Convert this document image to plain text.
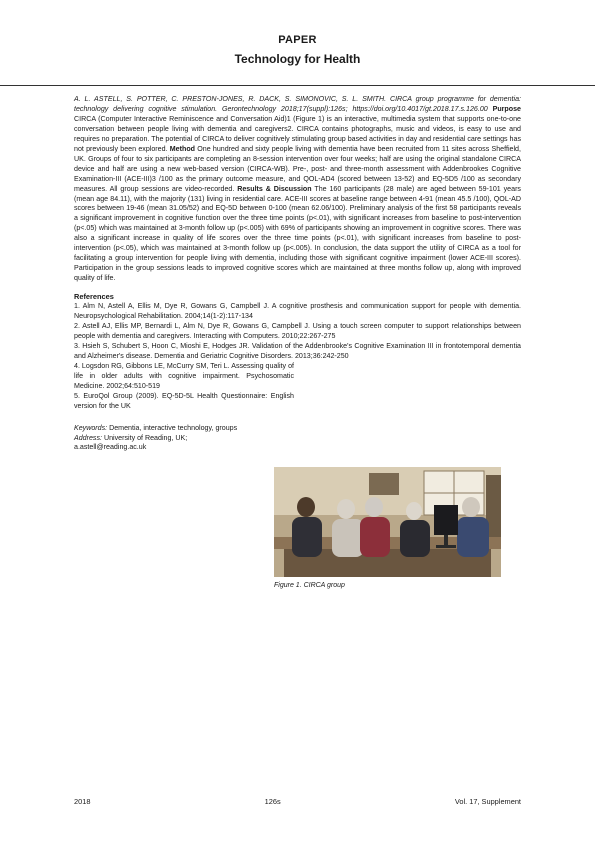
PAPER
Technology for Health

A. L. ASTELL, S. POTTER, C. PRESTON-JONES, R. DACK, S. SIMONOVIC, S. L. SMITH. CIRCA group programme for dementia: technology delivering cognitive stimulation. Gerontechnology 2018;17(suppl):126s; https://doi.org/10.4017/gt.2018.17.s.126.00 Purpose CIRCA (Computer Interactive Reminiscence and Conversation Aid)1 (Figure 1) is an interactive, multimedia system that supports one-to-one conversation between people living with dementia and caregivers2. CIRCA contains photographs, music and videos, is easy to use and requires no preparation. The potential of CIRCA to deliver cognitively stimulating group based activities in day and residential care settings has not previously been explored. Method One hundred and sixty people living with dementia have been recruited from 11 sites across Sheffield, UK. Groups of four to six participants are completing an 8-session intervention over four weeks; half are using the original standalone CIRCA device and half are using a new web-based version (CIRCA-WB). Pre-, post- and three-month assessment with Addenbrookes Cognitive Examination-III (ACE-III)3 /100 as the primary outcome measure, and QOL-AD4 (scored between 13-52) and EQ-5D5 /100 as secondary measures. All group sessions are video-recorded. Results & Discussion The 160 participants (28 male) are aged between 59-101 years (mean age 84.11), with the majority (131) living in residential care. ACE-III scores at baseline range between 4-91 (mean 45.5 /100), QOL-AD scores between 19-46 (mean 31.05/52) and EQ-5D between 0-100 (mean 62.06/100). Preliminary analysis of the first 58 participants reveals a significant improvement in cognitive function over the three time points (p<.01), with significant increases from baseline to post-intervention (p<.05) which was maintained at 3-month follow up (p<.005) with 69% of participants showing an improvement in cognitive scores. There was also a significant increase in quality of life scores over the three time points (p<.01), with significant increases from baseline to post-intervention (p<.05), which was maintained at 3-month follow up (p<.005). In conclusion, the data support the utility of CIRCA as a tool for facilitating a group intervention for people living with dementia, including those with significant cognitive impairment (lower ACE-III scores). Participation in the group sessions leads to improved cognitive scores which are maintained at three months follow up, along with improved quality of life.

References

1. Alm N, Astell A, Ellis M, Dye R, Gowans G, Campbell J. A cognitive prosthesis and communication support for people with dementia. Neuropsychological Rehabilitation. 2004;14(1-2):117-134

2. Astell AJ, Ellis MP, Bernardi L, Alm N, Dye R, Gowans G, Campbell J. Using a touch screen computer to support relationships between people with dementia and caregivers. Interacting with Computers. 2010;22:267-275

3. Hsieh S, Schubert S, Hoon C, Mioshi E, Hodges JR. Validation of the Addenbrooke's Cognitive Examination III in frontotemporal dementia and Alzheimer's disease. Dementia and Geriatric Cognitive Disorders. 2013;36:242-250

4. Logsdon RG, Gibbons LE, McCurry SM, Teri L. Assessing quality of life in older adults with cognitive impairment. Psychosomatic Medicine. 2002;64:510-519

5. EuroQol Group (2009). EQ-5D-5L Health Questionnaire: English version for the UK

Keywords: Dementia, interactive technology, groups
Address: University of Reading, UK;
a.astell@reading.ac.uk
Figure 1. CIRCA group
2018	126s	Vol. 17, Supplement
